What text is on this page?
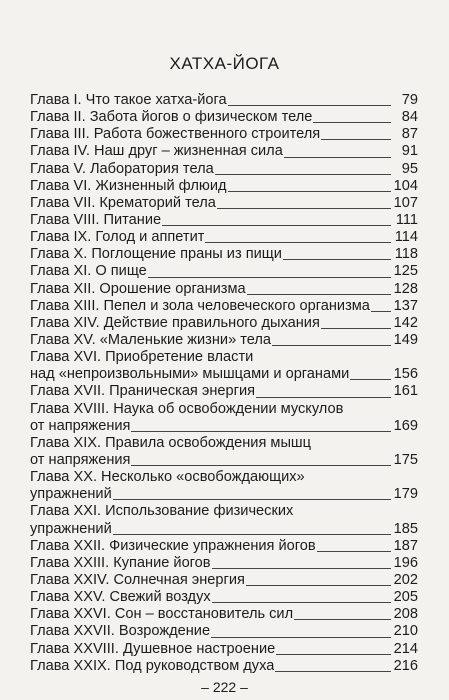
ХАТХА-ЙОГА
Глава I. Что такое хатха-йога	79
Глава II. Забота йогов о физическом теле	84
Глава III. Работа божественного строителя	87
Глава IV. Наш друг – жизненная сила	91
Глава V. Лаборатория тела	95
Глава VI. Жизненный флюид	104
Глава VII. Крематорий тела	107
Глава VIII. Питание	111
Глава IX. Голод и аппетит	114
Глава X. Поглощение праны из пищи	118
Глава XI. О пище	125
Глава XII. Орошение организма	128
Глава XIII. Пепел и зола человеческого организма 137
Глава XIV. Действие правильного дыхания	142
Глава XV. «Маленькие жизни» тела	149
Глава XVI. Приобретение власти
над «непроизвольными» мышцами и органами	156
Глава XVII. Праническая энергия	161
Глава XVIII. Наука об освобождении мускулов
от напряжения	169
Глава XIX. Правила освобождения мышц
от напряжения	175
Глава XX. Несколько «освобождающих»
упражнений	179
Глава XXI. Использование физических
упражнений	185
Глава XXII. Физические упражнения йогов	187
Глава XXIII. Купание йогов	196
Глава XXIV. Солнечная энергия	202
Глава XXV. Свежий воздух	205
Глава XXVI. Сон – восстановитель сил	208
Глава XXVII. Возрождение	210
Глава XXVIII. Душевное настроение	214
Глава XXIX. Под руководством духа	216
– 222 –
